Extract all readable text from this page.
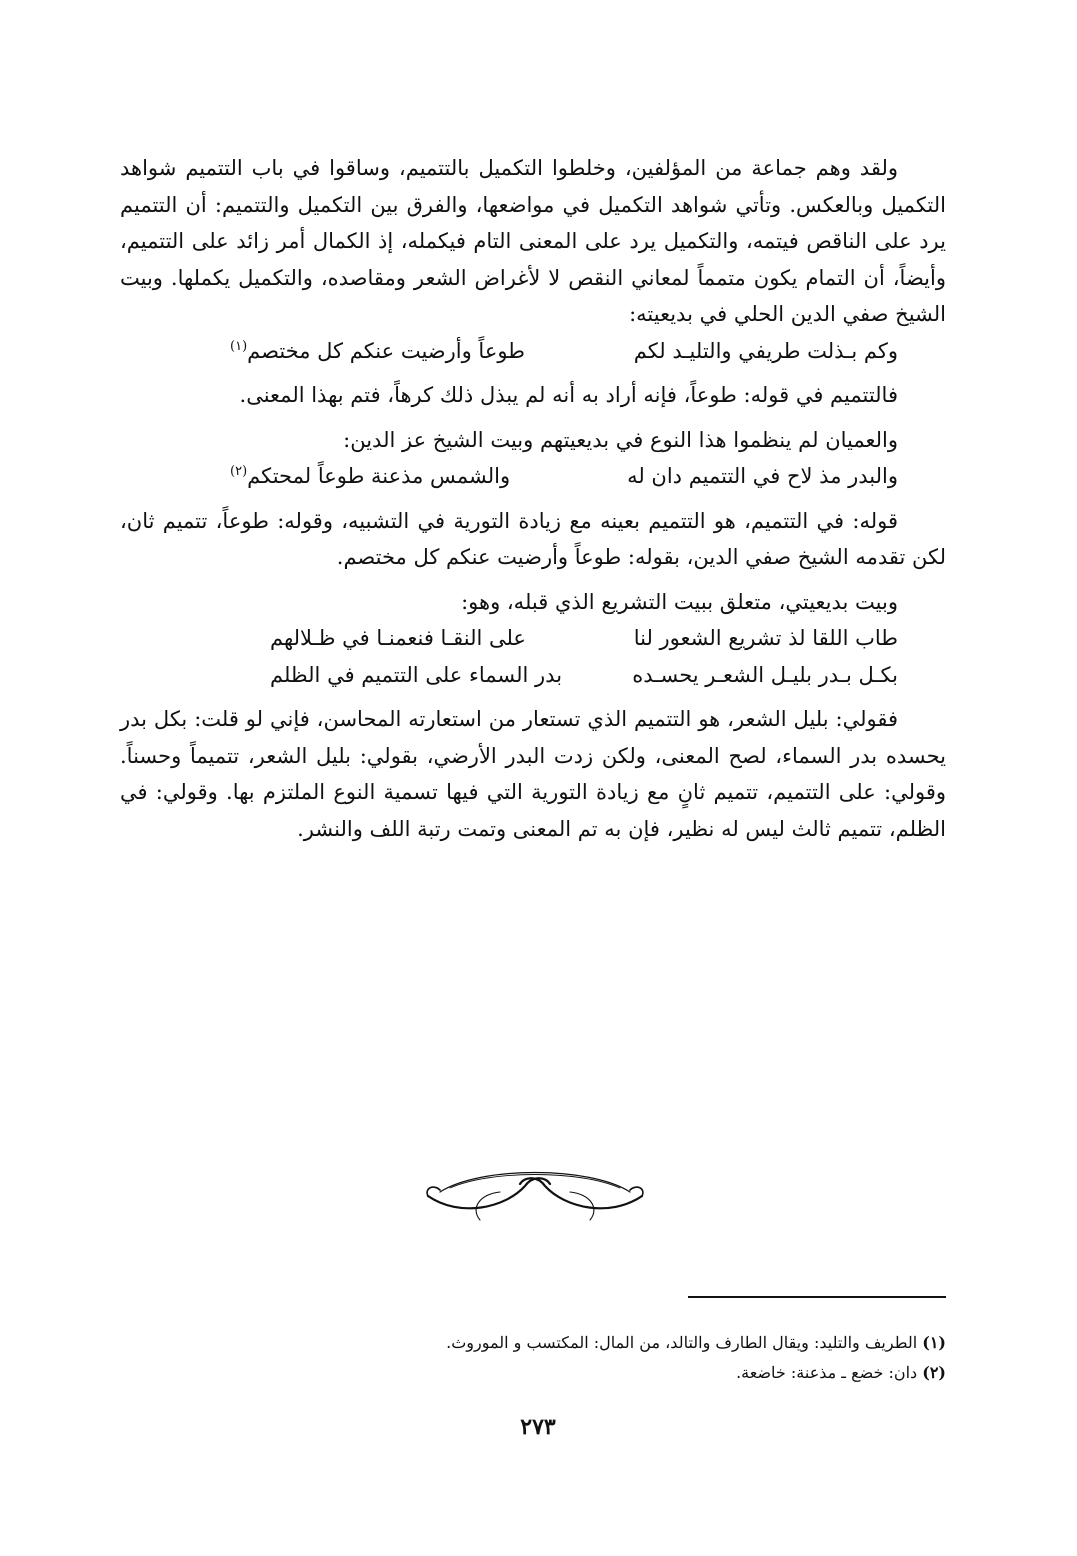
ولقد وهم جماعة من المؤلفين، وخلطوا التكميل بالتتميم، وساقوا في باب التتميم شواهد التكميل وبالعكس. وتأتي شواهد التكميل في مواضعها، والفرق بين التكميل والتتميم: أن التتميم يرد على الناقص فيتمه، والتكميل يرد على المعنى التام فيكمله، إذ الكمال أمر زائد على التتميم، وأيضاً، أن التمام يكون متمماً لمعاني النقص لا لأغراض الشعر ومقاصده، والتكميل يكملها. وبيت الشيخ صفي الدين الحلي في بديعيته:

وكم بـذلت طريفي والتليـد لكم
طوعاً وأرضيت عنكم كل مختصم$^{(١)}$

فالتتميم في قوله: طوعاً، فإنه أراد به أنه لم يبذل ذلك كرهاً، فتم بهذا المعنى.

والعميان لم ينظموا هذا النوع في بديعيتهم وبيت الشيخ عز الدين:

والبدر مذ لاح في التتميم دان له
والشمس مذعنة طوعاً لمحتكم$^{(٢)}$

قوله: في التتميم، هو التتميم بعينه مع زيادة التورية في التشبيه، وقوله: طوعاً، تتميم ثان، لكن تقدمه الشيخ صفي الدين، بقوله: طوعاً وأرضيت عنكم كل مختصم.

وبيت بديعيتي، متعلق ببيت التشريع الذي قبله، وهو:

طاب اللقا لذ تشريع الشعور لنا
على النقـا فنعمنـا في ظـلالهم
بكـل بـدر بليـل الشعـر يحسـده
بدر السماء على التتميم في الظلم

فقولي: بليل الشعر، هو التتميم الذي تستعار من استعارته المحاسن، فإني لو قلت: بكل بدر يحسده بدر السماء، لصح المعنى، ولكن زدت البدر الأرضي، بقولي: بليل الشعر، تتميماً وحسناً. وقولي: على التتميم، تتميم ثانٍ مع زيادة التورية التي فيها تسمية النوع الملتزم بها. وقولي: في الظلم، تتميم ثالث ليس له نظير، فإن به تم المعنى وتمت رتبة اللف والنشر.

(١) الطريف والتليد: ويقال الطارف والتالد، من المال: المكتسب و الموروث.

(٢) دان: خضع ـ مذعنة: خاضعة.

٢٧٣
